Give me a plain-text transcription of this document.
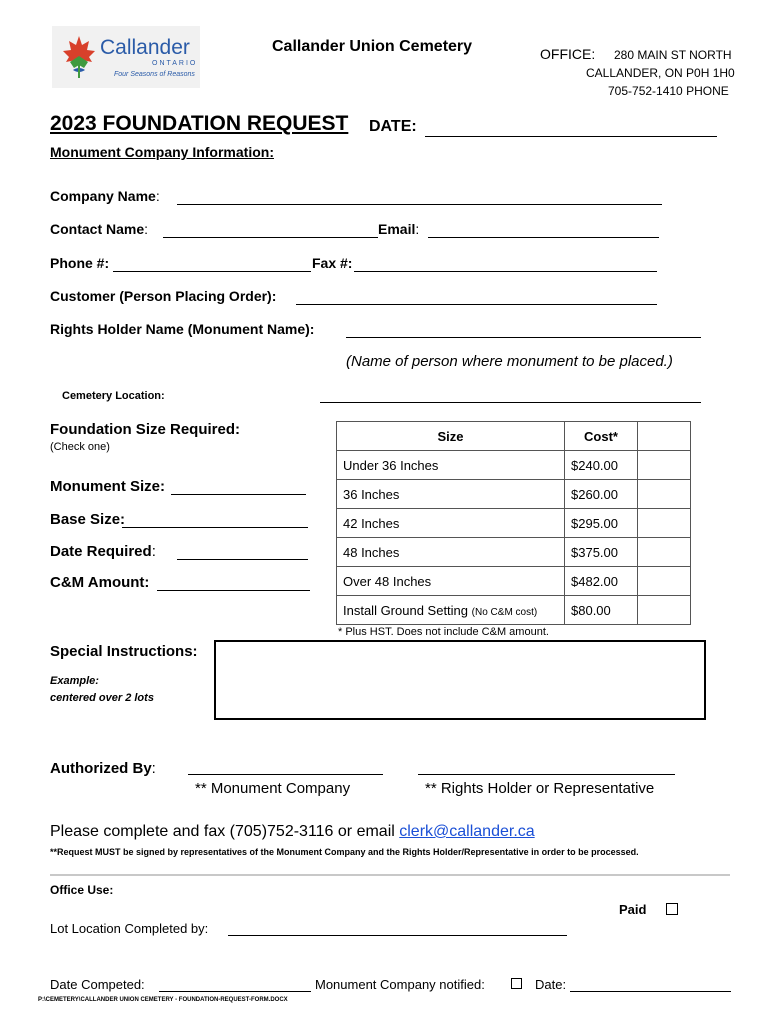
Callander
ONTARIO
Four Seasons of Reasons
Callander Union Cemetery	OFFICE: 280 MAIN ST NORTH
CALLANDER, ON P0H 1H0
705-752-1410 PHONE
2023 FOUNDATION REQUEST DATE:
Monument Company Information:
Company Name:
Contact Name:	Email:
Phone #:	Fax #:
Customer (Person Placing Order):
Rights Holder Name (Monument Name):
(Name of person where monument to be placed.)
Cemetery Location:
Foundation Size Required:
(Check one)
Monument Size:
Base Size:
Date Required:
C&M Amount:
Size	Cost*	
Under 36 Inches	$240.00	
36 Inches	$260.00	
42 Inches	$295.00	
48 Inches	$375.00	
Over 48 Inches	$482.00	
Install Ground Setting (No C&M cost)	$80.00	
* Plus HST. Does not include C&M amount.
Special Instructions:
Example:
centered over 2 lots
Authorized By:
** Monument Company	** Rights Holder or Representative
Please complete and fax (705)752-3116 or email clerk@callander.ca
**Request MUST be signed by representatives of the Monument Company and the Rights Holder/Representative in order to be processed.
Office Use:
Paid
Lot Location Completed by:
Date Competed:	Monument Company notified:	Date:
P:\CEMETERY\CALLANDER UNION CEMETERY - FOUNDATION-REQUEST-FORM.DOCX
